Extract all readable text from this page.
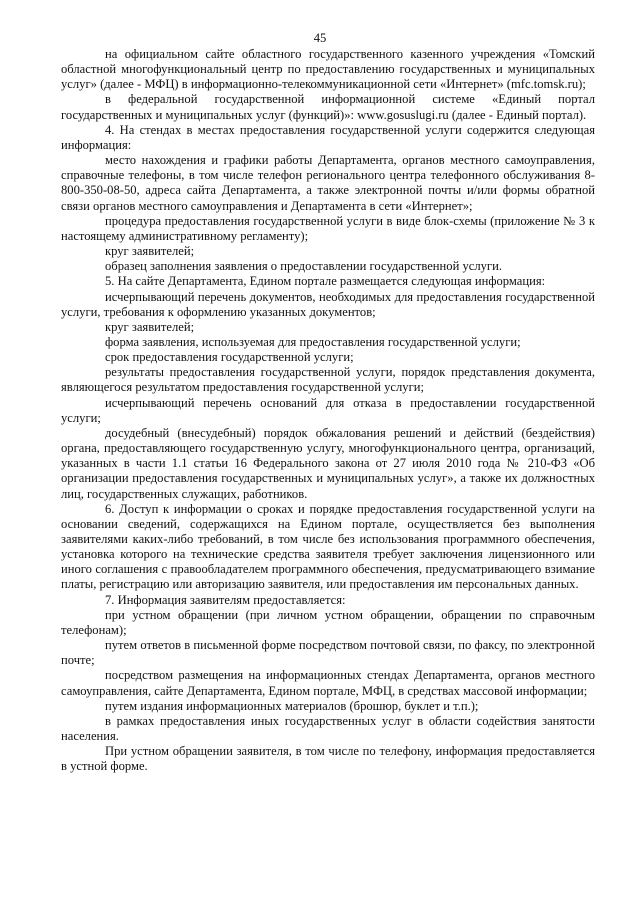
45

на официальном сайте областного государственного казенного учреждения «Томский областной многофункциональный центр по предоставлению государственных и муниципальных услуг» (далее - МФЦ) в информационно-телекоммуникационной сети «Интернет» (mfc.tomsk.ru);

в федеральной государственной информационной системе «Единый портал государственных и муниципальных услуг (функций)»: www.gosuslugi.ru (далее - Единый портал).

4. На стендах в местах предоставления государственной услуги содержится следующая информация:

место нахождения и графики работы Департамента, органов местного самоуправления, справочные телефоны, в том числе телефон регионального центра телефонного обслуживания 8-800-350-08-50, адреса сайта Департамента, а также электронной почты и/или формы обратной связи органов местного самоуправления и Департамента в сети «Интернет»;

процедура предоставления государственной услуги в виде блок-схемы (приложение № 3 к настоящему административному регламенту);

круг заявителей;

образец заполнения заявления о предоставлении государственной услуги.

5. На сайте Департамента, Едином портале размещается следующая информация:

исчерпывающий перечень документов, необходимых для предоставления государственной услуги, требования к оформлению указанных документов;

круг заявителей;

форма заявления, используемая для предоставления государственной услуги;

срок предоставления государственной услуги;

результаты предоставления государственной услуги, порядок представления документа, являющегося результатом предоставления государственной услуги;

исчерпывающий перечень оснований для отказа в предоставлении государственной услуги;

досудебный (внесудебный) порядок обжалования решений и действий (бездействия) органа, предоставляющего государственную услугу, многофункционального центра, организаций, указанных в части 1.1 статьи 16 Федерального закона от 27 июля 2010 года № 210-ФЗ «Об организации предоставления государственных и муниципальных услуг», а также их должностных лиц, государственных служащих, работников.

6. Доступ к информации о сроках и порядке предоставления государственной услуги на основании сведений, содержащихся на Едином портале, осуществляется без выполнения заявителями каких-либо требований, в том числе без использования программного обеспечения, установка которого на технические средства заявителя требует заключения лицензионного или иного соглашения с правообладателем программного обеспечения, предусматривающего взимание платы, регистрацию или авторизацию заявителя, или предоставления им персональных данных.

7. Информация заявителям предоставляется:

при устном обращении (при личном устном обращении, обращении по справочным телефонам);

путем ответов в письменной форме посредством почтовой связи, по факсу, по электронной почте;

посредством размещения на информационных стендах Департамента, органов местного самоуправления, сайте Департамента, Едином портале, МФЦ, в средствах массовой информации;

путем издания информационных материалов (брошюр, буклет и т.п.);

в рамках предоставления иных государственных услуг в области содействия занятости населения.

При устном обращении заявителя, в том числе по телефону, информация предоставляется в устной форме.
